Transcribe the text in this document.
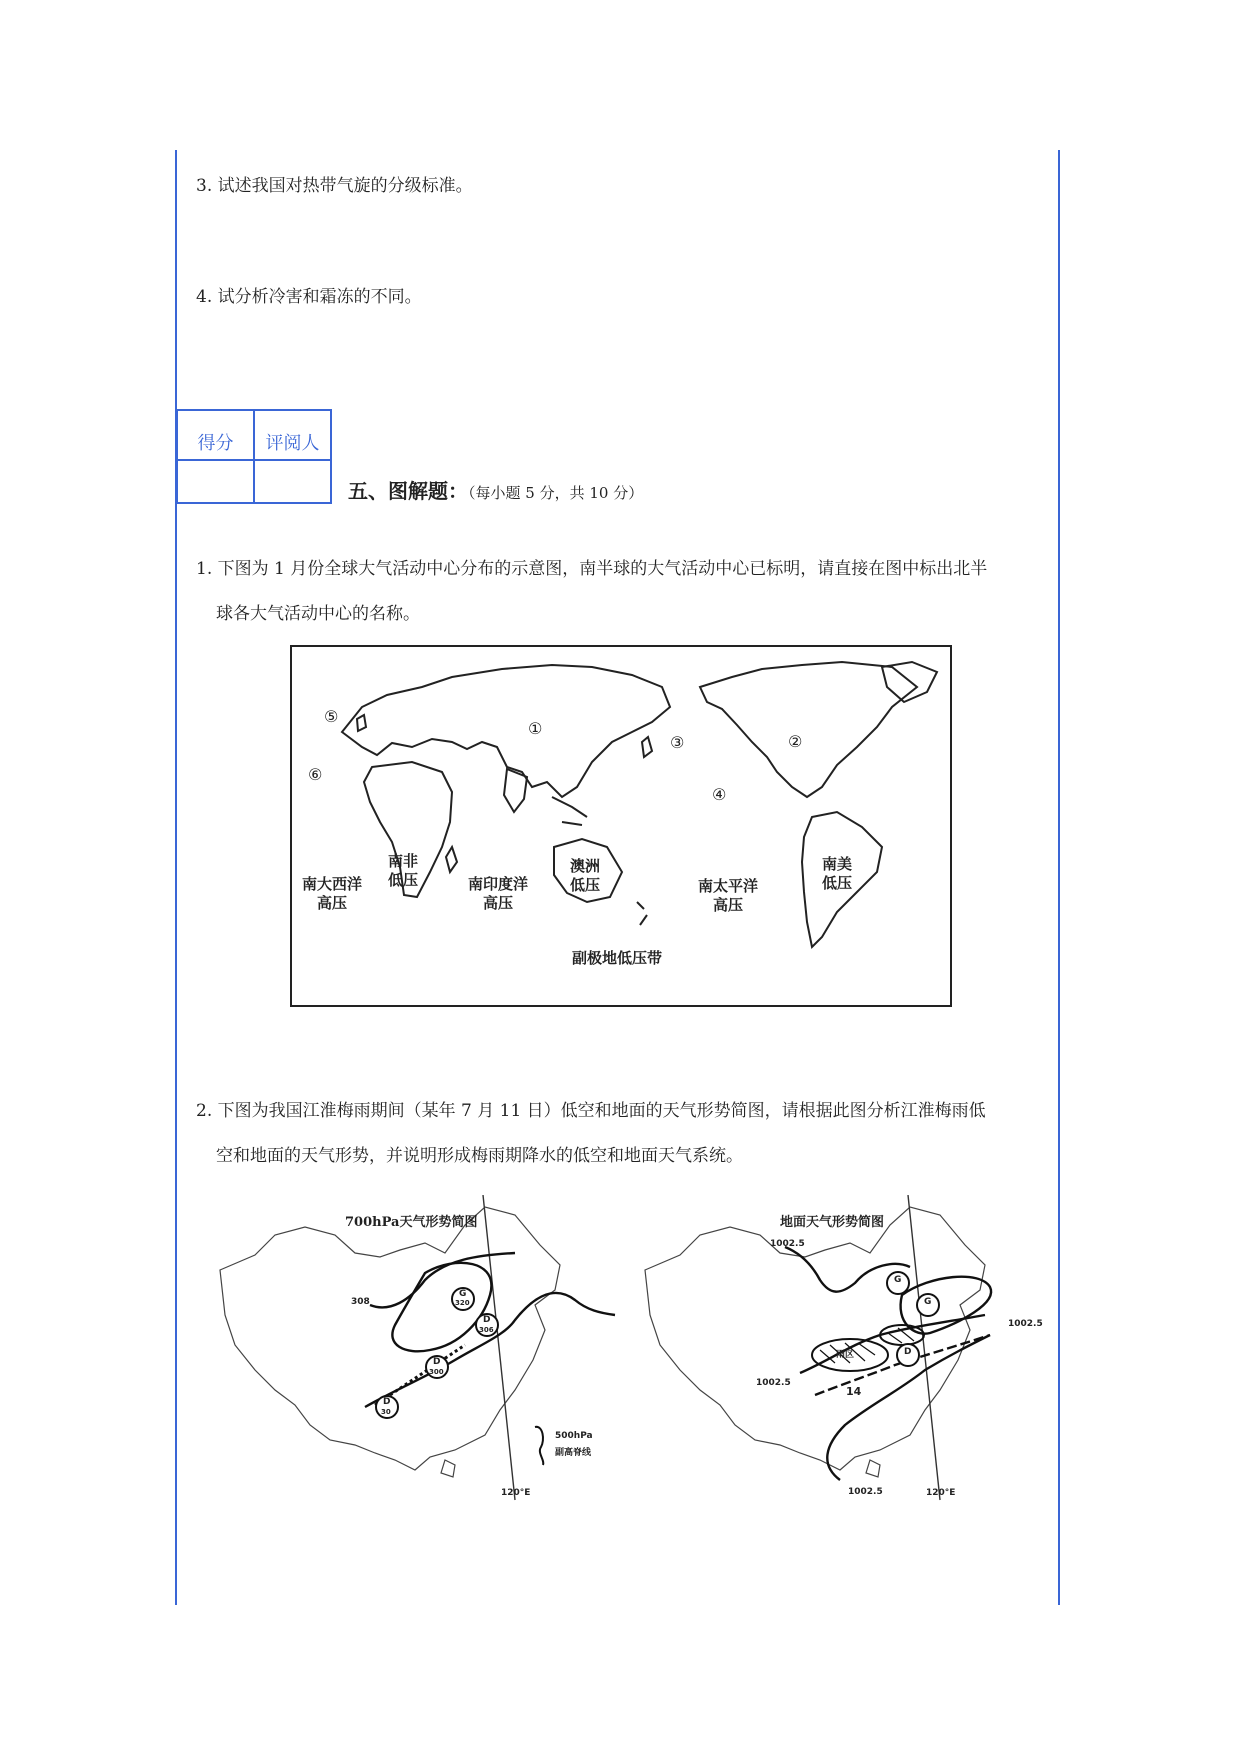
3. 试述我国对热带气旋的分级标准。
4. 试分析冷害和霜冻的不同。
得分	评阅人

五、图解题：（每小题 5 分，共 10 分）
1. 下图为 1 月份全球大气活动中心分布的示意图，南半球的大气活动中心已标明，请直接在图中标出北半
球各大气活动中心的名称。
①
②
③
④
⑤
⑥
南大西洋
高压
南非
低压	南印度洋
高压
澳洲
低压	南太平洋
高压
南美
低压
副极地低压带
2. 下图为我国江淮梅雨期间（某年 7 月 11 日）低空和地面的天气形势简图，请根据此图分析江淮梅雨低
空和地面的天气形势，并说明形成梅雨期降水的低空和地面天气系统。
700hPa天气形势简图
308
G
320
D
306
D
300
D
30
500hPa
副高脊线
120°E
地面天气形势简图
1002.5
1002.5
1002.5
1002.5
G
G
D
雨区
14
120°E
